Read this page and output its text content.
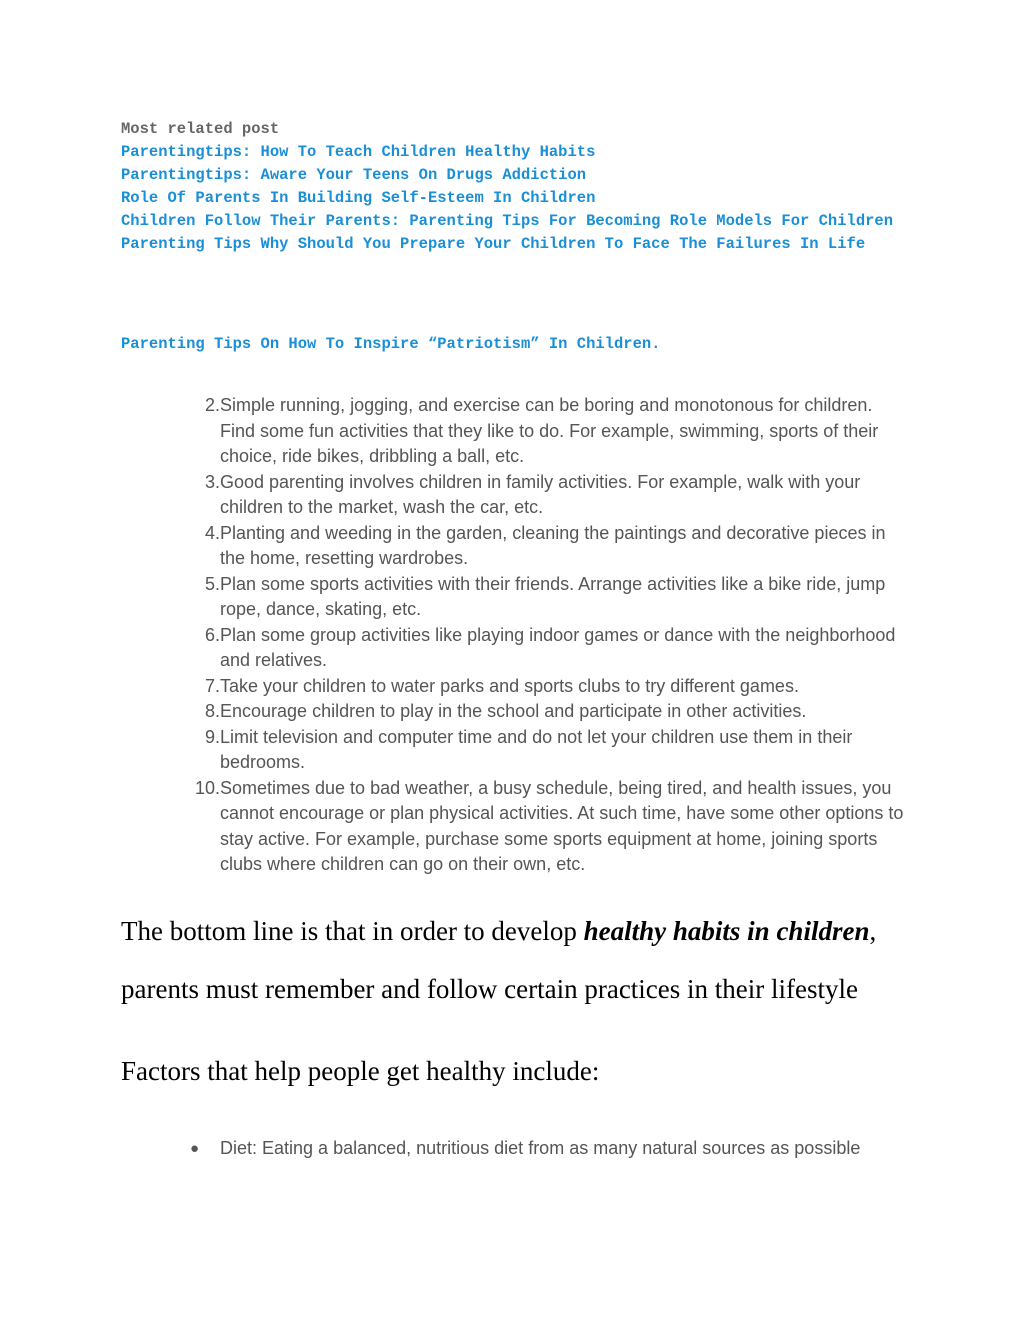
Most related post

Parentingtips: How To Teach Children Healthy Habits
Parentingtips: Aware Your Teens On Drugs Addiction
Role Of Parents In Building Self-Esteem In Children
Children Follow Their Parents: Parenting Tips For Becoming Role Models For Children
Parenting Tips Why Should You Prepare Your Children To Face The Failures In Life
Parenting Tips On How To Inspire “Patriotism” In Children.
2. Simple running, jogging, and exercise can be boring and monotonous for children. Find some fun activities that they like to do. For example, swimming, sports of their choice, ride bikes, dribbling a ball, etc.
3. Good parenting involves children in family activities. For example, walk with your children to the market, wash the car, etc.
4. Planting and weeding in the garden, cleaning the paintings and decorative pieces in the home, resetting wardrobes.
5. Plan some sports activities with their friends. Arrange activities like a bike ride, jump rope, dance, skating, etc.
6. Plan some group activities like playing indoor games or dance with the neighborhood and relatives.
7. Take your children to water parks and sports clubs to try different games.
8. Encourage children to play in the school and participate in other activities.
9. Limit television and computer time and do not let your children use them in their bedrooms.
10. Sometimes due to bad weather, a busy schedule, being tired, and health issues, you cannot encourage or plan physical activities. At such time, have some other options to stay active. For example, purchase some sports equipment at home, joining sports clubs where children can go on their own, etc.

The bottom line is that in order to develop healthy habits in children, parents must remember and follow certain practices in their lifestyle

Factors that help people get healthy include:
● Diet: Eating a balanced, nutritious diet from as many natural sources as possible
